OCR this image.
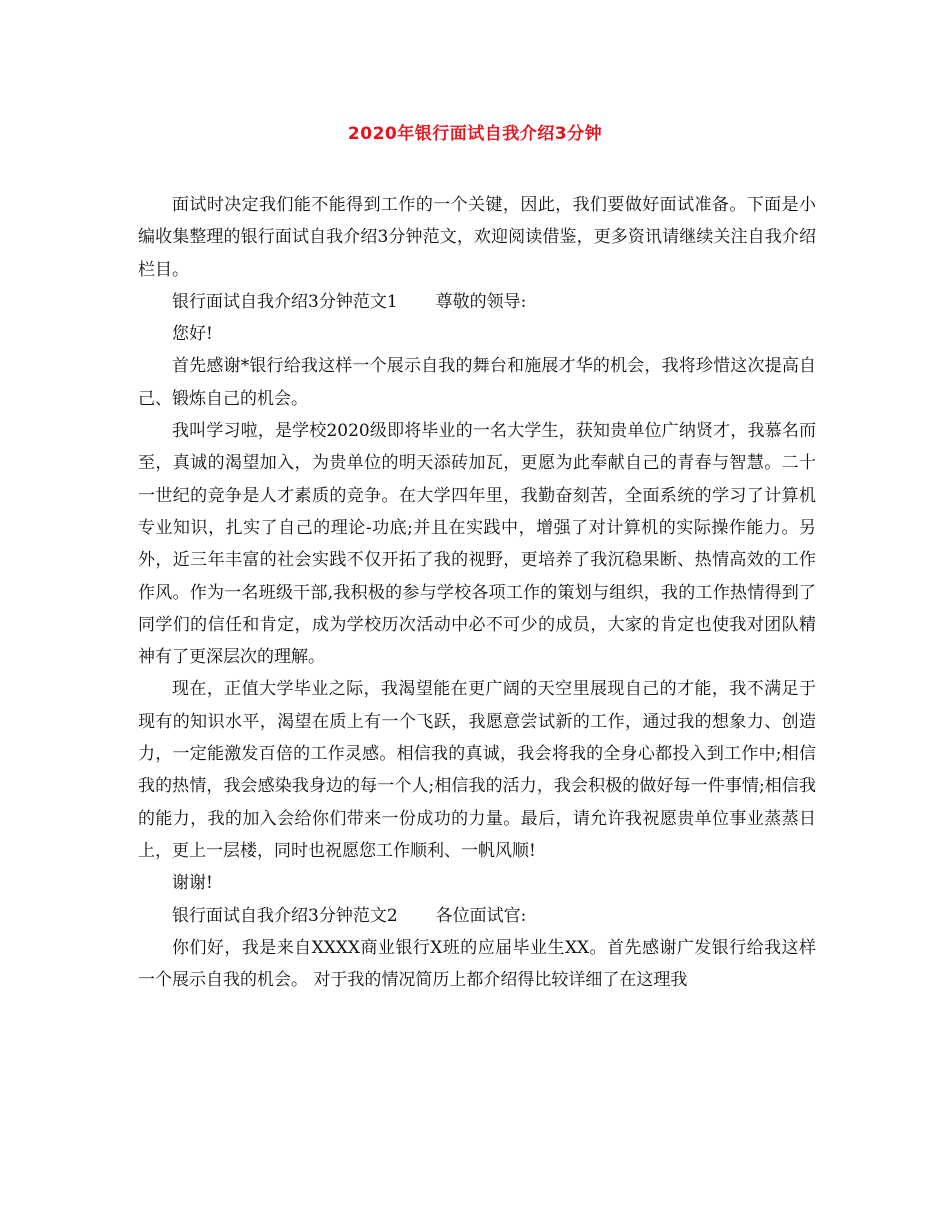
2020年银行面试自我介绍3分钟

面试时决定我们能不能得到工作的一个关键，因此，我们要做好面试准备。下面是小编收集整理的银行面试自我介绍3分钟范文，欢迎阅读借鉴，更多资讯请继续关注自我介绍栏目。

银行面试自我介绍3分钟范文1 尊敬的领导:

您好!

首先感谢*银行给我这样一个展示自我的舞台和施展才华的机会，我将珍惜这次提高自己、锻炼自己的机会。

我叫学习啦，是学校2020级即将毕业的一名大学生，获知贵单位广纳贤才，我慕名而至，真诚的渴望加入，为贵单位的明天添砖加瓦，更愿为此奉献自己的青春与智慧。二十一世纪的竞争是人才素质的竞争。在大学四年里，我勤奋刻苦，全面系统的学习了计算机专业知识，扎实了自己的理论-功底;并且在实践中，增强了对计算机的实际操作能力。另外，近三年丰富的社会实践不仅开拓了我的视野，更培养了我沉稳果断、热情高效的工作作风。作为一名班级干部,我积极的参与学校各项工作的策划与组织，我的工作热情得到了同学们的信任和肯定，成为学校历次活动中必不可少的成员，大家的肯定也使我对团队精神有了更深层次的理解。

现在，正值大学毕业之际，我渴望能在更广阔的天空里展现自己的才能，我不满足于现有的知识水平，渴望在质上有一个飞跃，我愿意尝试新的工作，通过我的想象力、创造力，一定能激发百倍的工作灵感。相信我的真诚，我会将我的全身心都投入到工作中;相信我的热情，我会感染我身边的每一个人;相信我的活力，我会积极的做好每一件事情;相信我的能力，我的加入会给你们带来一份成功的力量。最后，请允许我祝愿贵单位事业蒸蒸日上，更上一层楼，同时也祝愿您工作顺利、一帆风顺!

谢谢!

银行面试自我介绍3分钟范文2 各位面试官:

你们好，我是来自XXXX商业银行X班的应届毕业生XX。首先感谢广发银行给我这样一个展示自我的机会。 对于我的情况简历上都介绍得比较详细了在这理我
